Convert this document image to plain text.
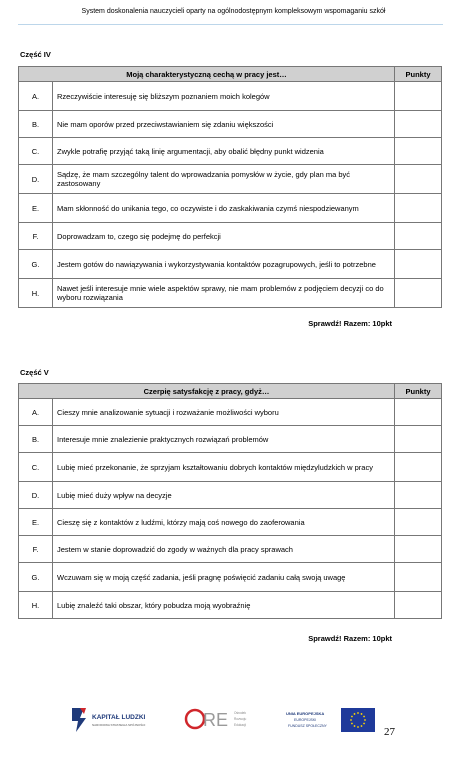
System doskonalenia nauczycieli oparty na ogólnodostępnym kompleksowym wspomaganiu szkół
Część IV
Moją charakterystyczną cechą w pracy jest…		Punkty
A.	Rzeczywiście interesuję się bliższym poznaniem moich kolegów	
B.	Nie mam oporów przed przeciwstawianiem się zdaniu większości	
C.	Zwykle potrafię przyjąć taką linię argumentacji, aby obalić błędny punkt widzenia	
D.	Sądzę, że mam szczególny talent do wprowadzania pomysłów w życie, gdy plan ma być zastosowany	
E.	Mam skłonność do unikania tego, co oczywiste i do zaskakiwania czymś niespodziewanym	
F.	Doprowadzam to, czego się podejmę do perfekcji	
G.	Jestem gotów do nawiązywania i wykorzystywania kontaktów pozagrupowych, jeśli to potrzebne	
H.	Nawet jeśli interesuje mnie wiele aspektów sprawy, nie mam problemów z podjęciem decyzji co do wyboru rozwiązania	
Sprawdź! Razem: 10pkt
Część V
Czerpię satysfakcję z pracy, gdyż…		Punkty
A.	Cieszy mnie analizowanie sytuacji i rozważanie możliwości wyboru	
B.	Interesuje mnie znalezienie praktycznych rozwiązań problemów	
C.	Lubię mieć przekonanie, że sprzyjam kształtowaniu dobrych kontaktów międzyludzkich w pracy	
D.	Lubię mieć duży wpływ na decyzje	
E.	Cieszę się z kontaktów z ludźmi, którzy mają coś nowego do zaoferowania	
F.	Jestem w stanie doprowadzić do zgody w ważnych dla pracy sprawach	
G.	Wczuwam się w moją część zadania, jeśli pragnę poświęcić zadaniu całą swoją uwagę	
H.	Lubię znaleźć taki obszar, który pobudza moją wyobraźnię	
Sprawdź! Razem: 10pkt
KAPITAŁ LUDZKI
NARODOWA STRATEGIA SPÓJNOŚCI	RE Ośrodek
Rozwoju
Edukacji
UNIA EUROPEJSKA
EUROPEJSKI
FUNDUSZ SPOŁECZNY	27
